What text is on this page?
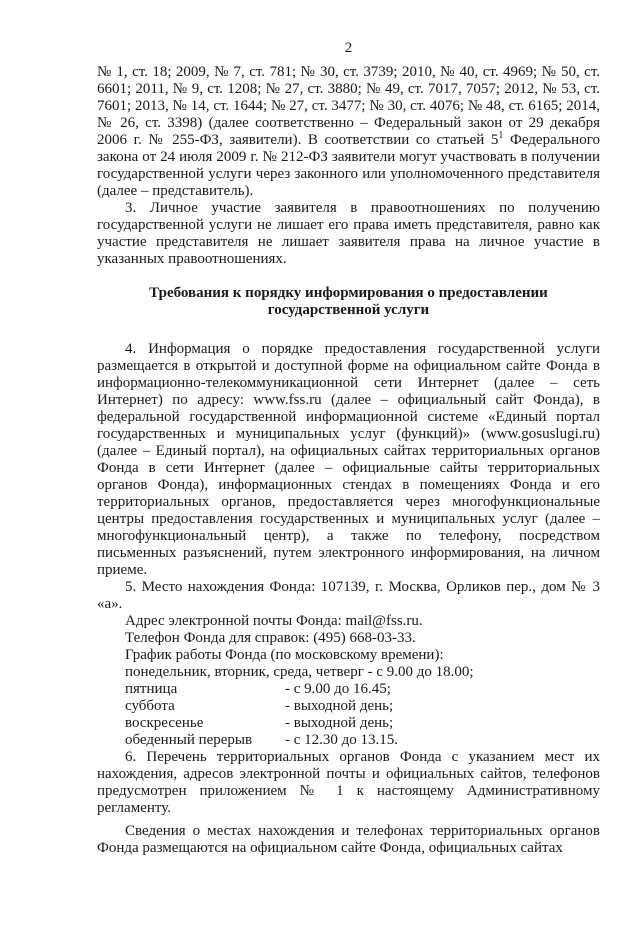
2

№ 1, ст. 18; 2009, № 7, ст. 781; № 30, ст. 3739; 2010, № 40, ст. 4969; № 50, ст. 6601; 2011, № 9, ст. 1208; № 27, ст. 3880; № 49, ст. 7017, 7057; 2012, № 53, ст. 7601; 2013, № 14, ст. 1644; № 27, ст. 3477; № 30, ст. 4076; № 48, ст. 6165; 2014, № 26, ст. 3398) (далее соответственно – Федеральный закон от 29 декабря 2006 г. № 255-ФЗ, заявители). В соответствии со статьей $5^1$ Федерального закона от 24 июля 2009 г. № 212-ФЗ заявители могут участвовать в получении государственной услуги через законного или уполномоченного представителя (далее – представитель).

3. Личное участие заявителя в правоотношениях по получению государственной услуги не лишает его права иметь представителя, равно как участие представителя не лишает заявителя права на личное участие в указанных правоотношениях.

Требования к порядку информирования о предоставлении государственной услуги

4. Информация о порядке предоставления государственной услуги размещается в открытой и доступной форме на официальном сайте Фонда в информационно-телекоммуникационной сети Интернет (далее – сеть Интернет) по адресу: www.fss.ru (далее – официальный сайт Фонда), в федеральной государственной информационной системе «Единый портал государственных и муниципальных услуг (функций)» (www.gosuslugi.ru) (далее – Единый портал), на официальных сайтах территориальных органов Фонда в сети Интернет (далее – официальные сайты территориальных органов Фонда), информационных стендах в помещениях Фонда и его территориальных органов, предоставляется через многофункциональные центры предоставления государственных и муниципальных услуг (далее – многофункциональный центр), а также по телефону, посредством письменных разъяснений, путем электронного информирования, на личном приеме.

5. Место нахождения Фонда: 107139, г. Москва, Орликов пер., дом № 3 «а».

Адрес электронной почты Фонда: mail@fss.ru.
Телефон Фонда для справок: (495) 668-03-33.
График работы Фонда (по московскому времени):
понедельник, вторник, среда, четверг - с 9.00 до 18.00;
пятница	- с 9.00 до 16.45;
суббота	- выходной день;
воскресенье	- выходной день;
обеденный перерыв	- с 12.30 до 13.15.

6. Перечень территориальных органов Фонда с указанием мест их нахождения, адресов электронной почты и официальных сайтов, телефонов предусмотрен приложением № 1 к настоящему Административному регламенту.

Сведения о местах нахождения и телефонах территориальных органов Фонда размещаются на официальном сайте Фонда, официальных сайтах
